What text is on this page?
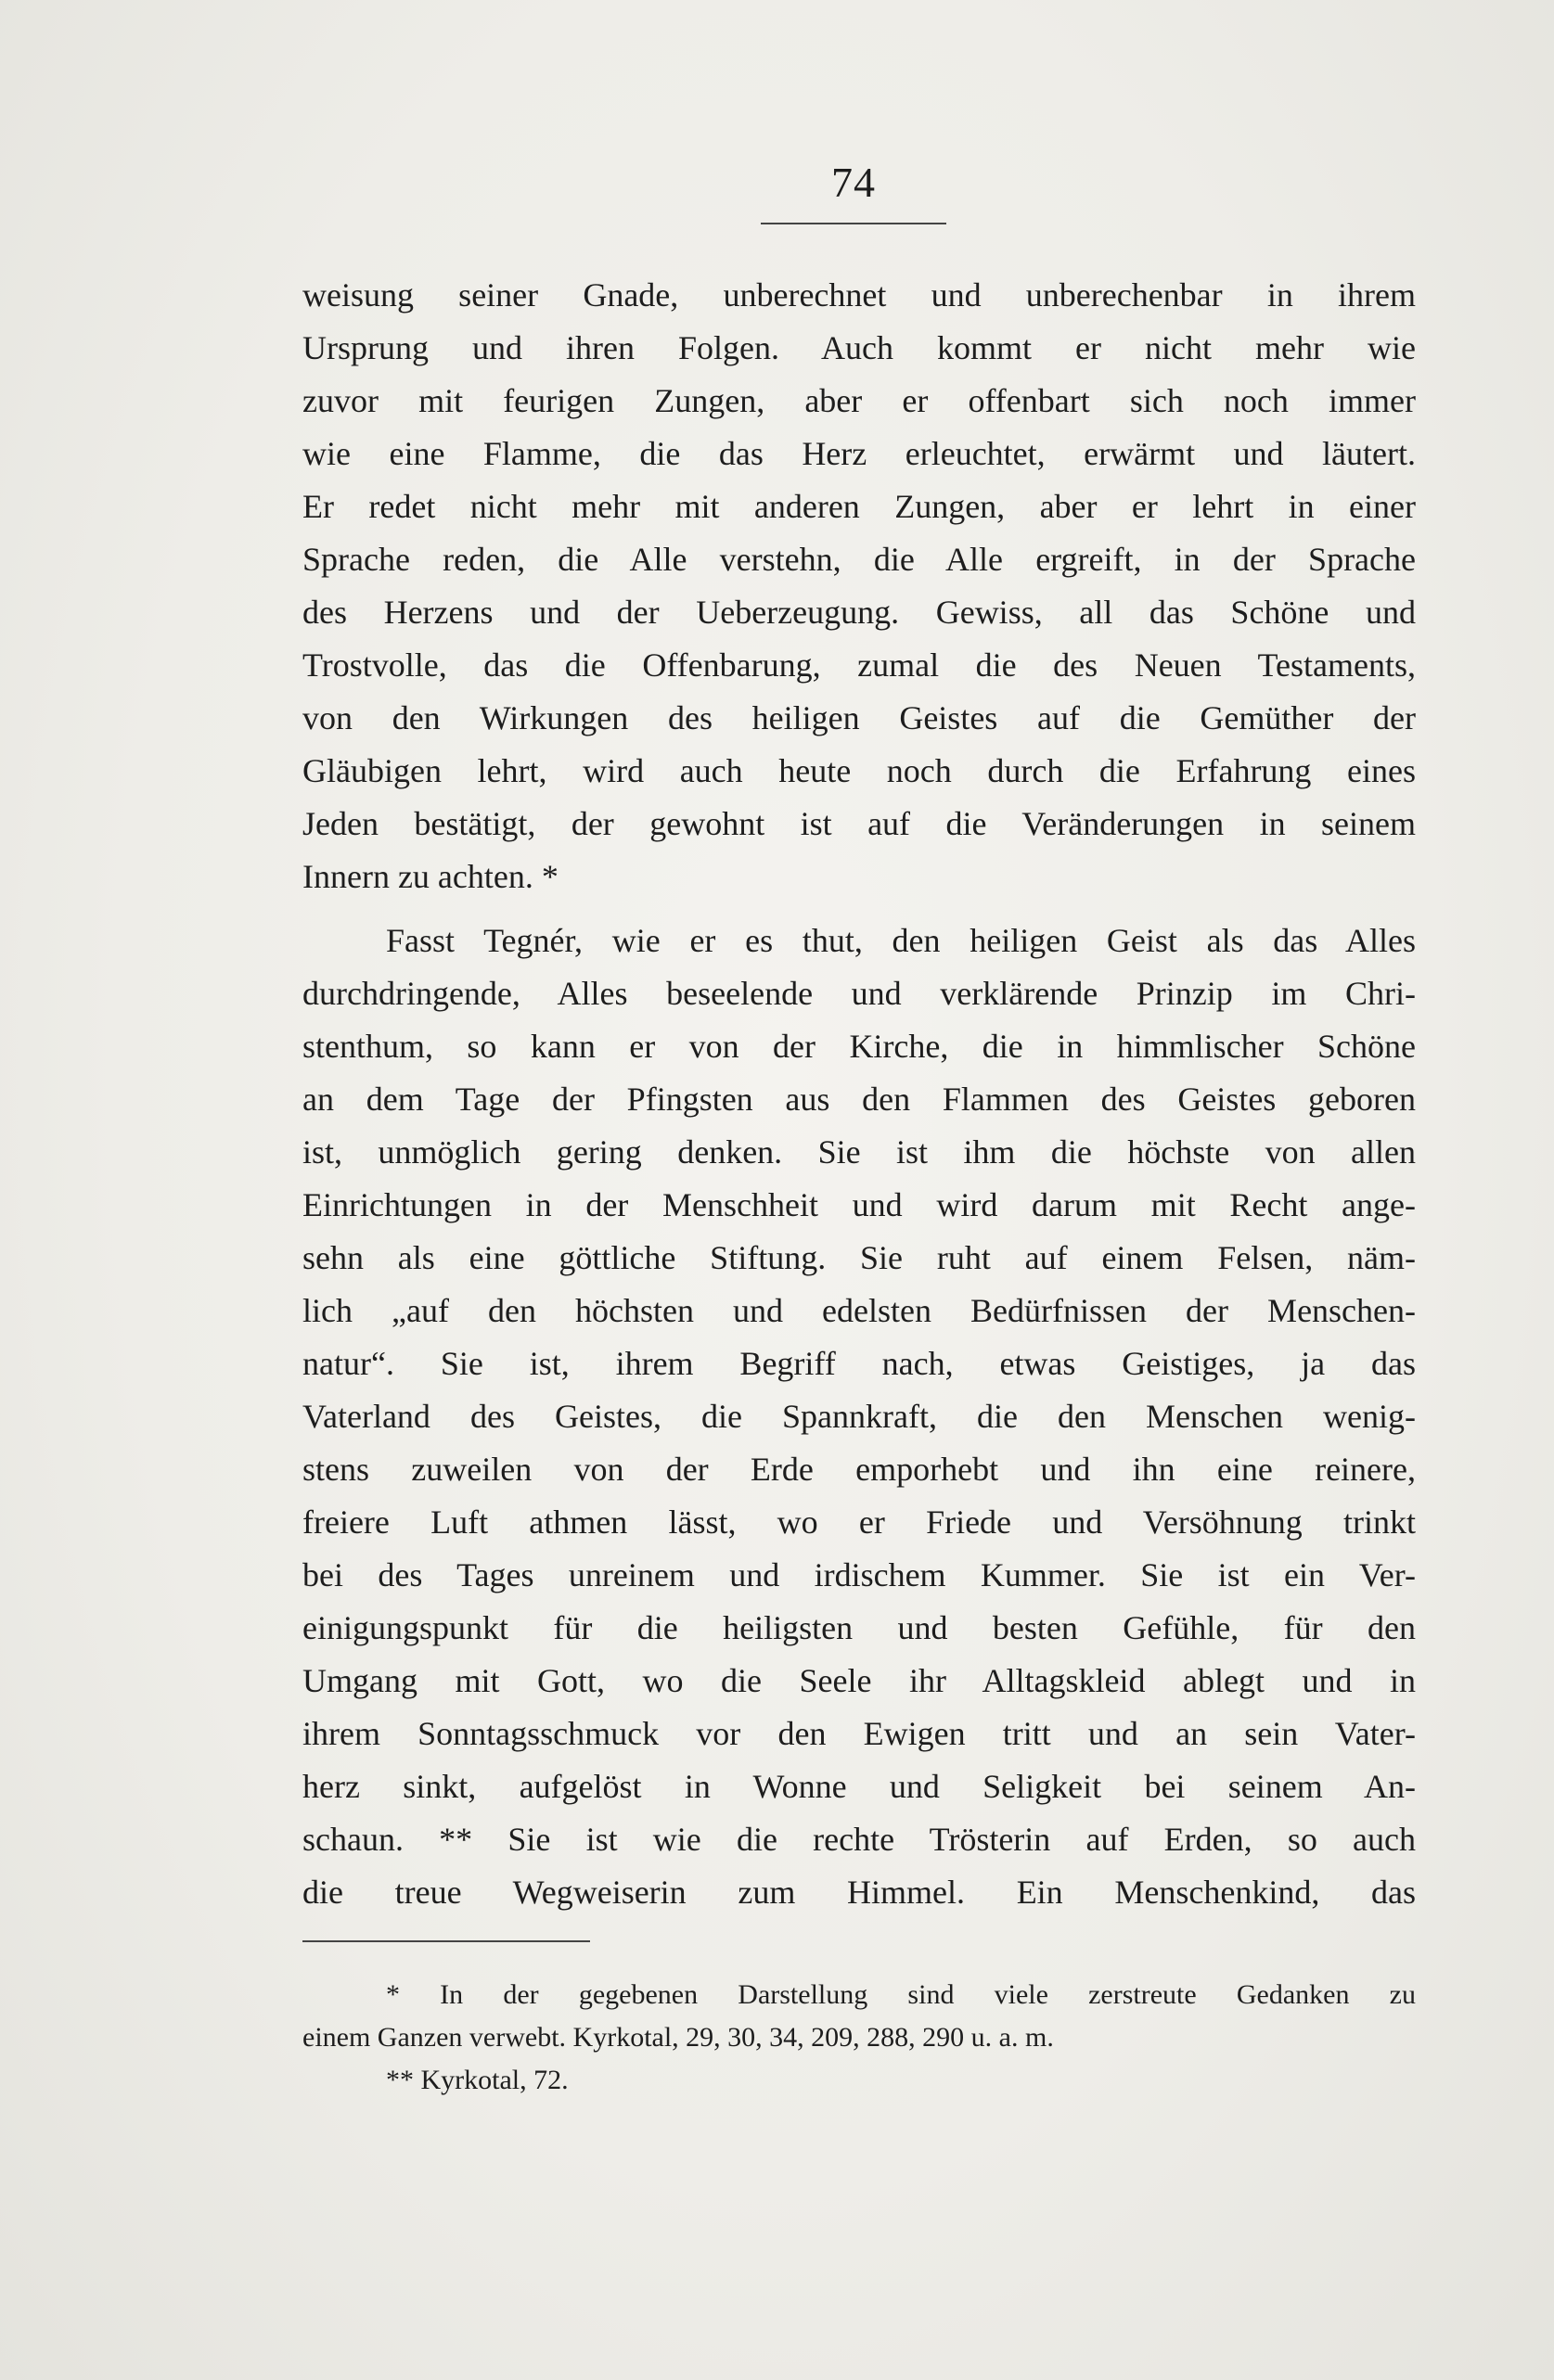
74
weisung seiner Gnade, unberechnet und unberechenbar in ihrem
Ursprung und ihren Folgen. Auch kommt er nicht mehr wie
zuvor mit feurigen Zungen, aber er offenbart sich noch immer
wie eine Flamme, die das Herz erleuchtet, erwärmt und läutert.
Er redet nicht mehr mit anderen Zungen, aber er lehrt in einer
Sprache reden, die Alle verstehn, die Alle ergreift, in der Sprache
des Herzens und der Ueberzeugung. Gewiss, all das Schöne und
Trostvolle, das die Offenbarung, zumal die des Neuen Testaments,
von den Wirkungen des heiligen Geistes auf die Gemüther der
Gläubigen lehrt, wird auch heute noch durch die Erfahrung eines
Jeden bestätigt, der gewohnt ist auf die Veränderungen in seinem
Innern zu achten. *
Fasst Tegnér, wie er es thut, den heiligen Geist als das Alles
durchdringende, Alles beseelende und verklärende Prinzip im Chri-
stenthum, so kann er von der Kirche, die in himmlischer Schöne
an dem Tage der Pfingsten aus den Flammen des Geistes geboren
ist, unmöglich gering denken. Sie ist ihm die höchste von allen
Einrichtungen in der Menschheit und wird darum mit Recht ange-
sehn als eine göttliche Stiftung. Sie ruht auf einem Felsen, näm-
lich „auf den höchsten und edelsten Bedürfnissen der Menschen-
natur“. Sie ist, ihrem Begriff nach, etwas Geistiges, ja das
Vaterland des Geistes, die Spannkraft, die den Menschen wenig-
stens zuweilen von der Erde emporhebt und ihn eine reinere,
freiere Luft athmen lässt, wo er Friede und Versöhnung trinkt
bei des Tages unreinem und irdischem Kummer. Sie ist ein Ver-
einigungspunkt für die heiligsten und besten Gefühle, für den
Umgang mit Gott, wo die Seele ihr Alltagskleid ablegt und in
ihrem Sonntagsschmuck vor den Ewigen tritt und an sein Vater-
herz sinkt, aufgelöst in Wonne und Seligkeit bei seinem An-
schaun. ** Sie ist wie die rechte Trösterin auf Erden, so auch
die treue Wegweiserin zum Himmel. Ein Menschenkind, das
* In der gegebenen Darstellung sind viele zerstreute Gedanken zu
einem Ganzen verwebt. Kyrkotal, 29, 30, 34, 209, 288, 290 u. a. m.
** Kyrkotal, 72.
